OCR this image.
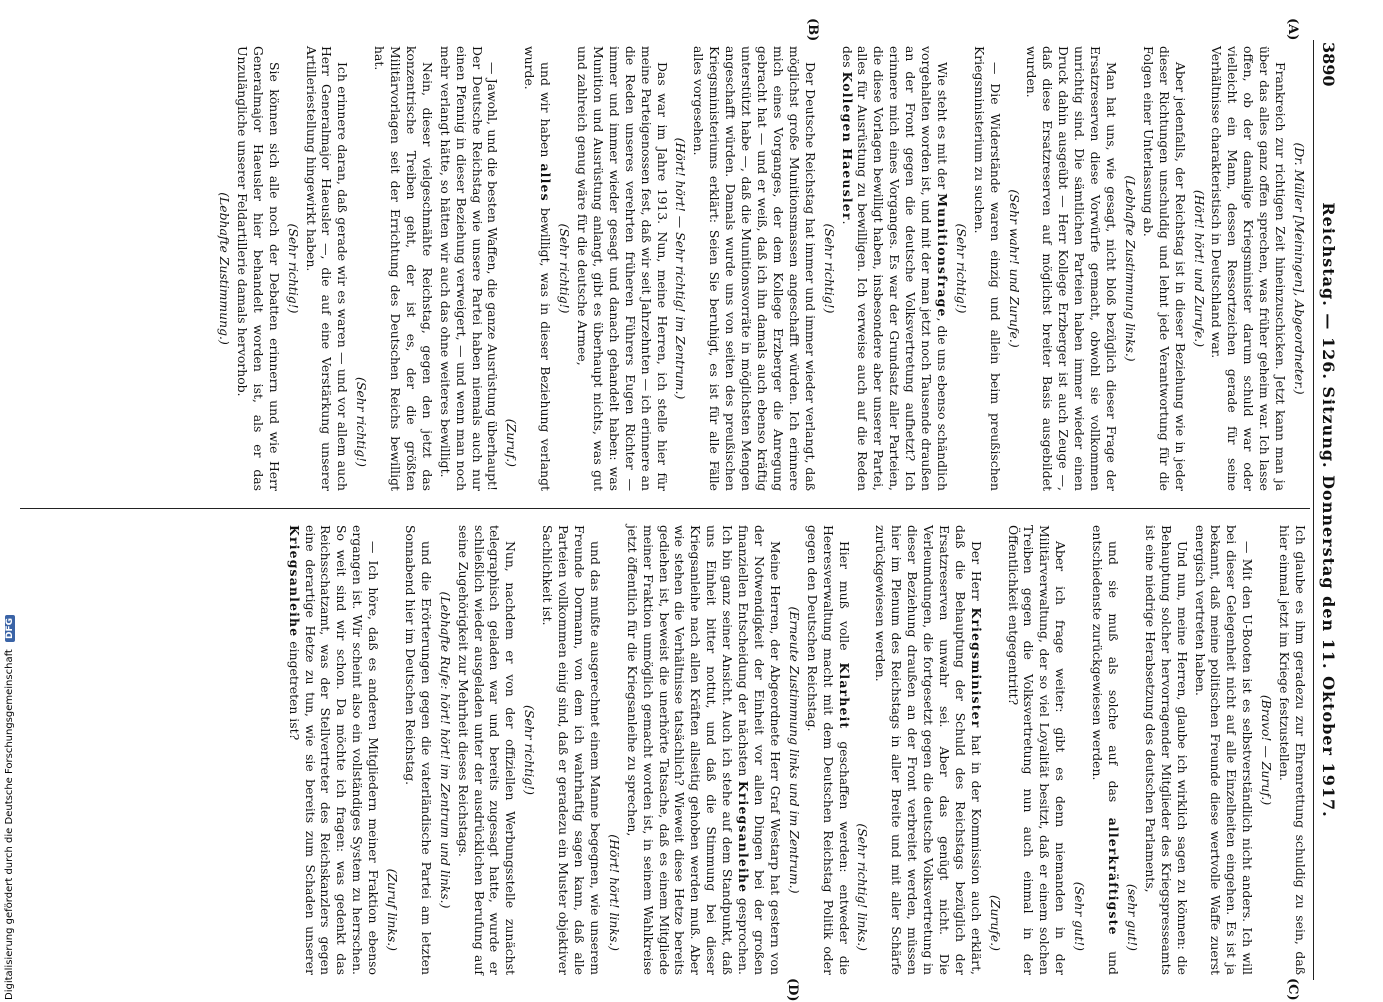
3890
Reichstag. — 126. Sitzung. Donnerstag den 11. Oktober 1917.
(A)
(B)
(C)
(D)
(Dr. Müller [Meiningen], Abgeordneter.)

Frankreich zur richtigen Zeit hineinzuschicken. Jetzt kann man ja über das alles ganz offen sprechen, was früher geheim war. Ich lasse offen, ob der damalige Kriegsminister darum schuld war oder vielleicht ein Mann, dessen Ressortzeichen gerade für seine Verhältnisse charakteristisch in Deutschland war.

(Hört! hört! und Zurufe.)

Aber jedenfalls, der Reichstag ist in dieser Beziehung wie in jeder dieser Richtungen unschuldig und lehnt jede Verantwortung für die Folgen einer Unterlassung ab.

(Lebhafte Zustimmung links.)

Man hat uns, wie gesagt, nicht bloß bezüglich dieser Frage der Ersatzreserven diese Vorwürfe gemacht, obwohl sie vollkommen unrichtig sind. Die sämtlichen Parteien haben immer wieder einen Druck dahin ausgeübt — Herr Kollege Erzberger ist auch Zeuge —, daß diese Ersatzreserven auf möglichst breiter Basis ausgebildet wurden.

(Sehr wahr! und Zurufe.)

— Die Widerstände waren einzig und allein beim preußischen Kriegsministerium zu suchen.

(Sehr richtig!)

Wie steht es mit der Munitionsfrage, die uns ebenso schändlich vorgehalten worden ist, und mit der man jetzt noch Tausende draußen an der Front gegen die deutsche Volksvertretung aufhetzt? Ich erinnere mich eines Vorganges. Es war der Grundsatz aller Parteien, die diese Vorlagen bewilligt haben, insbesondere aber unserer Partei, alles für Ausrüstung zu bewilligen. Ich verweise auch auf die Reden des Kollegen Haeusler.

(Sehr richtig!)

Der Deutsche Reichstag hat immer und immer wieder verlangt, daß möglichst große Munitionsmassen angeschafft würden. Ich erinnere mich eines Vorganges, der dem Kollege Erzberger die Anregung gebracht hat — und er weiß, daß ich ihn damals auch ebenso kräftig unterstützt habe —, daß die Munitionsvorräte in möglichsten Mengen angeschafft würden. Damals wurde uns von seiten des preußischen Kriegsministeriums erklärt: Seien Sie beruhigt, es ist für alle Fälle alles vorgesehen.

(Hört! hört! — Sehr richtig! im Zentrum.)

Das war im Jahre 1913. Nun, meine Herren, ich stelle hier für meine Parteigenossen fest, daß wir seit Jahrzehnten — ich erinnere an die Reden unseres verehrten früheren Führers Eugen Richter — immer und immer wieder gesagt und danach gehandelt haben: was Munition und Ausrüstung anlangt, gibt es überhaupt nichts, was gut und zahlreich genug wäre für die deutsche Armee,

(Sehr richtig!)

und wir haben alles bewilligt, was in dieser Beziehung verlangt wurde.

(Zuruf.)

— Jawohl, und die besten Waffen, die ganze Ausrüstung überhaupt! Der Deutsche Reichstag wie unsere Partei haben niemals auch nur einen Pfennig in dieser Beziehung verweigert, — und wenn man noch mehr verlangt hätte, so hätten wir auch das ohne weiteres bewilligt.

Nein, dieser vielgeschmähte Reichstag, gegen den jetzt das konzentrische Treiben geht, der ist es, der die größten Militärvorlagen seit der Errichtung des Deutschen Reichs bewilligt hat.

(Sehr richtig!)

Ich erinnere daran, daß gerade wir es waren — und vor allem auch Herr Generalmajor Haeusler —, die auf eine Verstärkung unserer Artilleriestellung hingewirkt haben.

(Sehr richtig!)

Sie können sich alle noch der Debatten erinnern und wie Herr Generalmajor Haeusler hier behandelt worden ist, als er das Unzulängliche unserer Feldartillerie damals hervorhob.

(Lebhafte Zustimmung.)

Ich glaube es ihm geradezu zur Ehrenrettung schuldig zu sein, daß hier einmal jetzt im Kriege festzustellen.

(Bravo! — Zuruf.)

— Mit den U-Booten ist es selbstverständlich nicht anders. Ich will bei dieser Gelegenheit nicht auf alle Einzelheiten eingehen. Es ist ja bekannt, daß meine politischen Freunde diese wertvolle Waffe zuerst energisch vertreten haben.

Und nun, meine Herren, glaube ich wirklich sagen zu können: die Behauptung solcher hervorragender Mitglieder des Kriegspresseamts ist eine niedrige Herabsetzung des deutschen Parlaments,

(sehr gut!)

und sie muß als solche auf das allerkräftigste und entschiedenste zurückgewiesen werden.

(Sehr gut!)

Aber ich frage weiter: gibt es denn niemanden in der Militärverwaltung, der so viel Loyalität besitzt, daß er einem solchen Treiben gegen die Volksvertretung nun auch einmal in der Öffentlichkeit entgegentritt?

(Zurufe.)

Der Herr Kriegsminister hat in der Kommission auch erklärt, daß die Behauptung der Schuld des Reichstags bezüglich der Ersatzreserven unwahr sei. Aber das genügt nicht. Die Verleumdungen, die fortgesetzt gegen die deutsche Volksvertretung in dieser Beziehung draußen an der Front verbreitet werden, müssen hier im Plenum des Reichstags in aller Breite und mit aller Schärfe zurückgewiesen werden.

(Sehr richtig! links.)

Hier muß volle Klarheit geschaffen werden: entweder die Heeresverwaltung macht mit dem Deutschen Reichstag Politik oder gegen den Deutschen Reichstag.

(Erneute Zustimmung links und im Zentrum.)

Meine Herren, der Abgeordnete Herr Graf Westarp hat gestern von der Notwendigkeit der Einheit vor allen Dingen bei der großen finanziellen Entscheidung der nächsten Kriegsanleihe gesprochen. Ich bin ganz seiner Ansicht. Auch ich stehe auf dem Standpunkt, daß uns Einheit bitter nottut, und daß die Stimmung bei dieser Kriegsanleihe nach allen Kräften allseitig gehoben werden muß. Aber wie stehen die Verhältnisse tatsächlich? Wieweit diese Hetze bereits gediehen ist, beweist die unerhörte Tatsache, daß es einem Mitgliede meiner Fraktion unmöglich gemacht worden ist, in seinem Wahlkreise jetzt öffentlich für die Kriegsanleihe zu sprechen,

(Hört! hört! links.)

und das mußte ausgerechnet einem Manne begegnen, wie unserem Freunde Dormann, von dem ich wahrhaftig sagen kann, daß alle Parteien vollkommen einig sind, daß er geradezu ein Muster objektiver Sachlichkeit ist.

(Sehr richtig!)

Nun, nachdem er von der offiziellen Werbungsstelle zunächst telegraphisch geladen war und bereits zugesagt hatte, wurde er schließlich wieder ausgeladen unter der ausdrücklichen Berufung auf seine Zugehörigkeit zur Mehrheit dieses Reichstags.

(Lebhafte Rufe: hört! hört! im Zentrum und links.)

und die Erörterungen gegen die vaterländische Partei am letzten Sonnabend hier im Deutschen Reichstag.

(Zuruf links.)

— Ich höre, daß es anderen Mitgliedern meiner Fraktion ebenso ergangen ist. Wir scheint also ein vollständiges System zu herrschen. So weit sind wir schon. Da möchte ich fragen: was gedenkt das Reichsschatzamt, was der Stellvertreter des Reichskanzlers gegen eine derartige Hetze zu tun, wie sie bereits zum Schaden unserer Kriegsanleihe eingetreten ist?

Digitalisierung gefördert durch die Deutsche Forschungsgemeinschaft DFG
